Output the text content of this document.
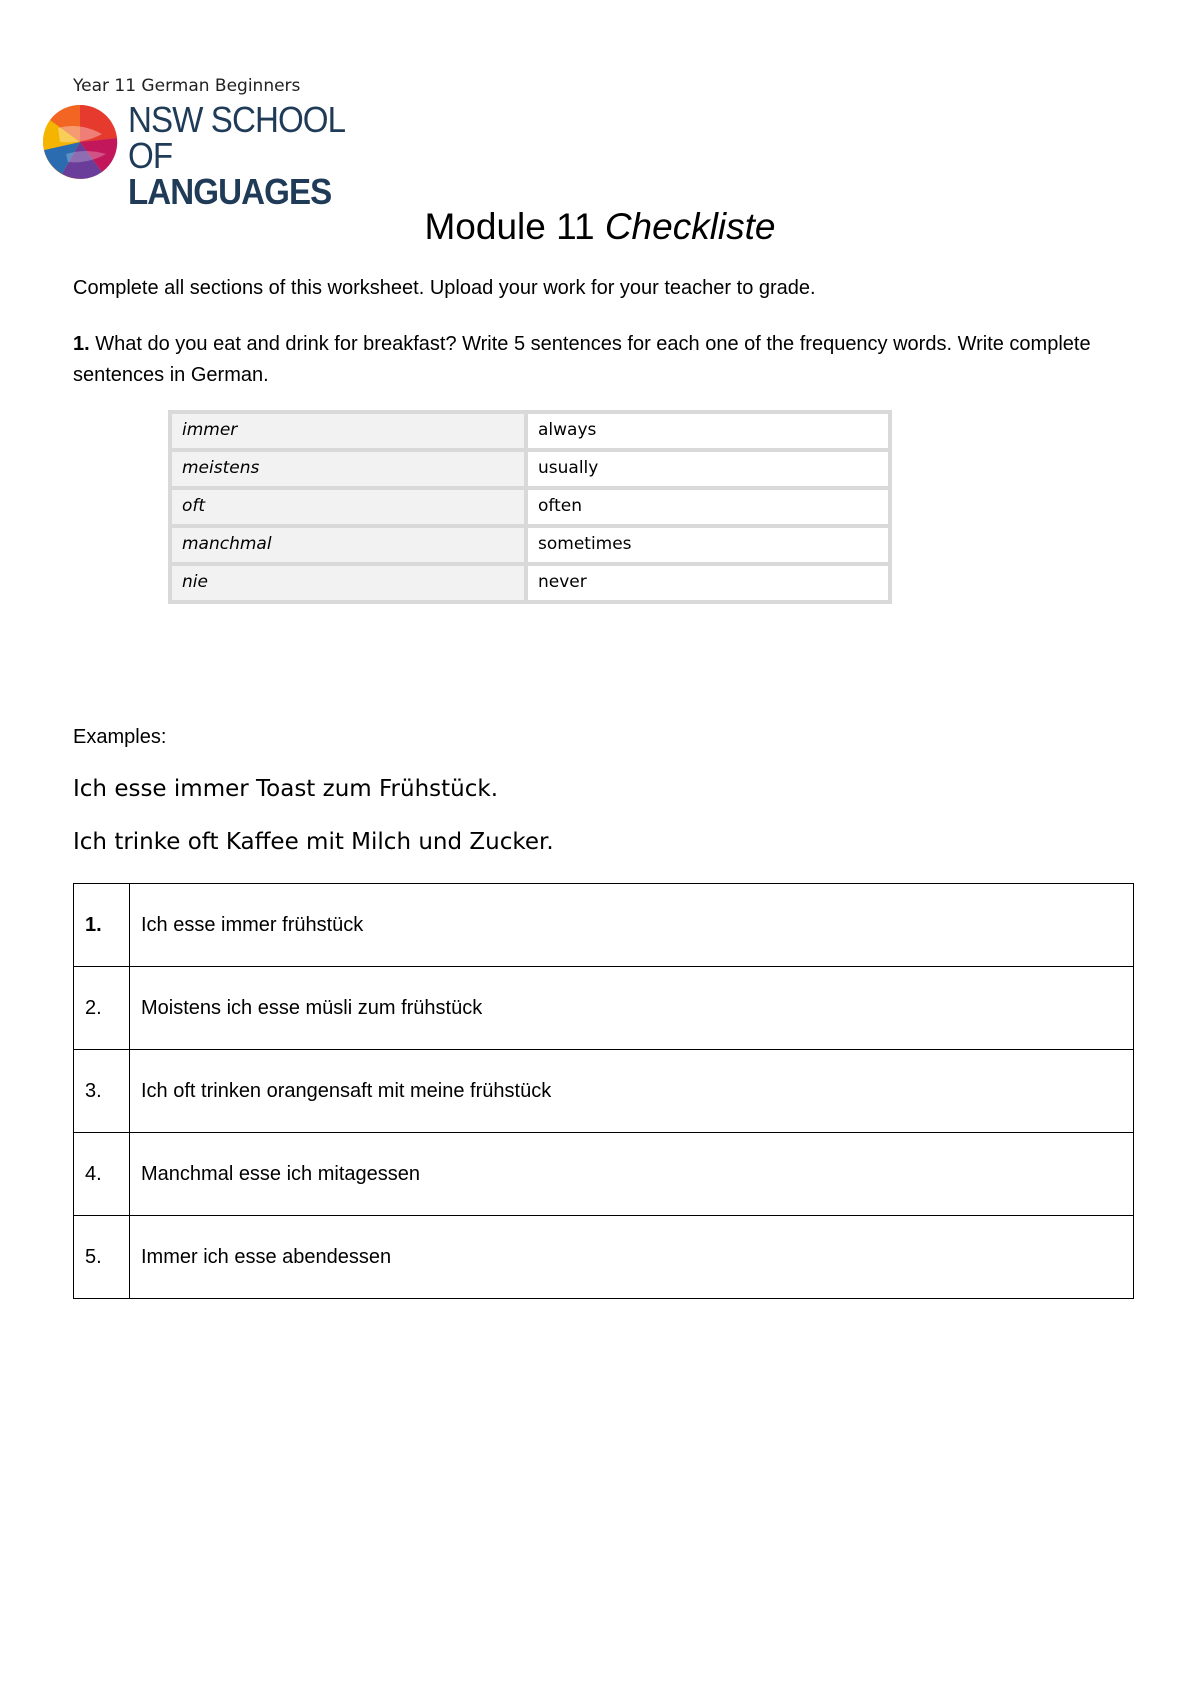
Year 11 German Beginners
NSW SCHOOL
OF LANGUAGES
Module 11 Checkliste
Complete all sections of this worksheet. Upload your work for your teacher to grade.
1. What do you eat and drink for breakfast? Write 5 sentences for each one of the frequency words. Write complete sentences in German.
immer	always
meistens	usually
oft	often
manchmal	sometimes
nie	never
Examples:
Ich esse immer Toast zum Frühstück.
Ich trinke oft Kaffee mit Milch und Zucker.
1.	Ich esse immer frühstück
2.	Moistens ich esse müsli zum frühstück
3.	Ich oft trinken orangensaft mit meine frühstück
4.	Manchmal esse ich mitagessen
5.	Immer ich esse abendessen
